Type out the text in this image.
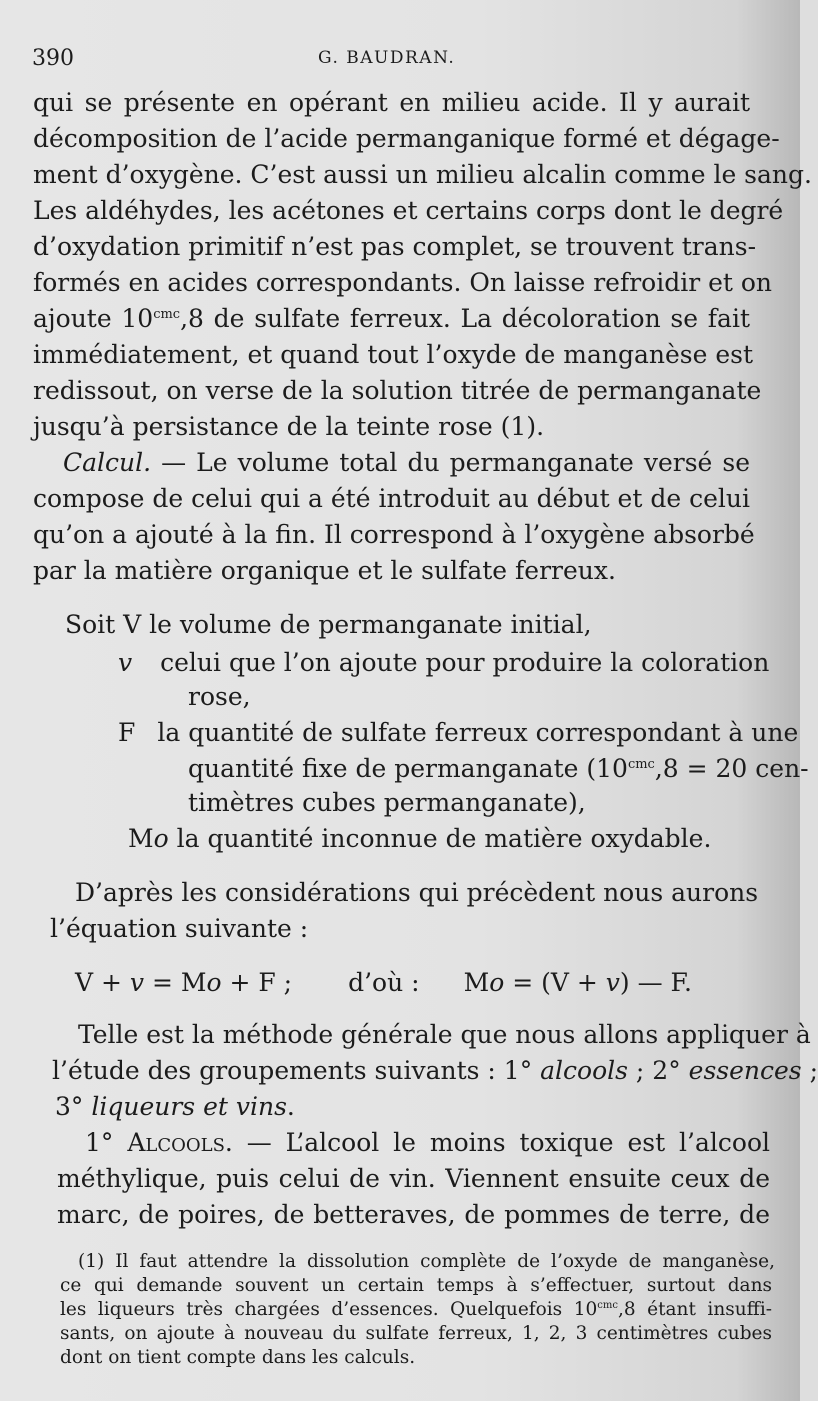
390	G. BAUDRAN.
qui se présente en opérant en milieu acide. Il y aurait
décomposition de l’acide permanganique formé et dégage-
ment d’oxygène. C’est aussi un milieu alcalin comme le sang.
Les aldéhydes, les acétones et certains corps dont le degré
d’oxydation primitif n’est pas complet, se trouvent trans-
formés en acides correspondants. On laisse refroidir et on
ajoute $10^{cmc},8$ de sulfate ferreux. La décoloration se fait
immédiatement, et quand tout l’oxyde de manganèse est
redissout, on verse de la solution titrée de permanganate
jusqu’à persistance de la teinte rose (1).
Calcul. — Le volume total du permanganate versé se
compose de celui qui a été introduit au début et de celui
qu’on a ajouté à la fin. Il correspond à l’oxygène absorbé
par la matière organique et le sulfate ferreux.
Soit V le volume de permanganate initial,
v celui que l’on ajoute pour produire la coloration
rose,
F la quantité de sulfate ferreux correspondant à une
quantité fixe de permanganate ($10^{cmc},8 = 20$ cen-
timètres cubes permanganate),
Mo la quantité inconnue de matière oxydable.
D’après les considérations qui précèdent nous aurons
l’équation suivante :
V + v = Mo + F ; d’où : Mo = (V + v) — F.
Telle est la méthode générale que nous allons appliquer à
l’étude des groupements suivants : 1° alcools ; 2° essences ;
3° liqueurs et vins.
1° Alcools. — L’alcool le moins toxique est l’alcool
méthylique, puis celui de vin. Viennent ensuite ceux de
marc, de poires, de betteraves, de pommes de terre, de
(1) Il faut attendre la dissolution complète de l’oxyde de manganèse,
ce qui demande souvent un certain temps à s’effectuer, surtout dans
les liqueurs très chargées d’essences. Quelquefois $10^{cmc},8$ étant insuffi-
sants, on ajoute à nouveau du sulfate ferreux, 1, 2, 3 centimètres cubes
dont on tient compte dans les calculs.
